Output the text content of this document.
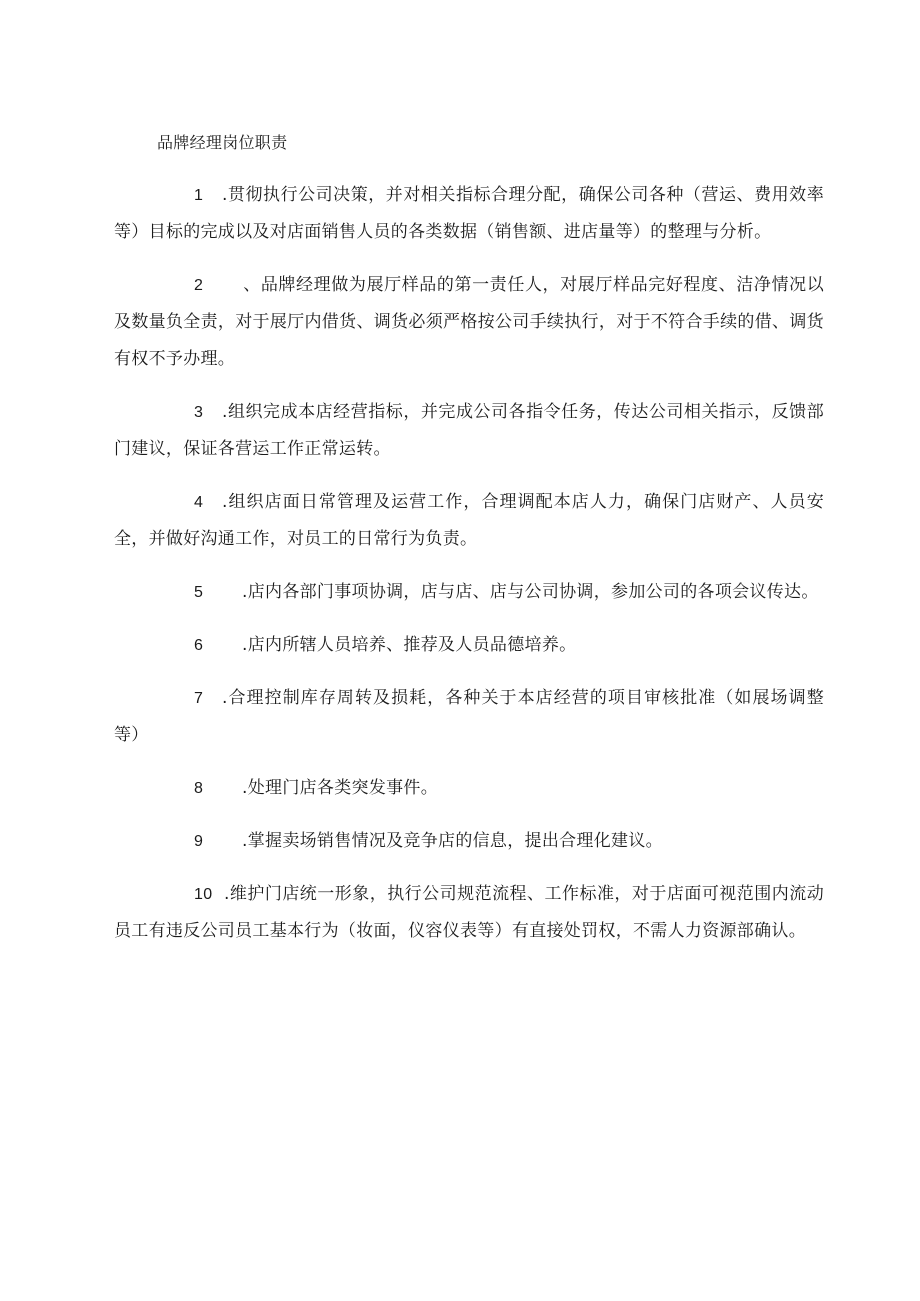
品牌经理岗位职责

1 .贯彻执行公司决策，并对相关指标合理分配，确保公司各种（营运、费用效率等）目标的完成以及对店面销售人员的各类数据（销售额、进店量等）的整理与分析。

2 、品牌经理做为展厅样品的第一责任人，对展厅样品完好程度、洁净情况以及数量负全责，对于展厅内借货、调货必须严格按公司手续执行，对于不符合手续的借、调货有权不予办理。

3 .组织完成本店经营指标，并完成公司各指令任务，传达公司相关指示，反馈部门建议，保证各营运工作正常运转。

4 .组织店面日常管理及运营工作，合理调配本店人力，确保门店财产、人员安全，并做好沟通工作，对员工的日常行为负责。

5 .店内各部门事项协调，店与店、店与公司协调，参加公司的各项会议传达。

6 .店内所辖人员培养、推荐及人员品德培养。

7 .合理控制库存周转及损耗，各种关于本店经营的项目审核批准（如展场调整等）

8 .处理门店各类突发事件。

9 .掌握卖场销售情况及竞争店的信息，提出合理化建议。

10 .维护门店统一形象，执行公司规范流程、工作标准，对于店面可视范围内流动员工有违反公司员工基本行为（妆面，仪容仪表等）有直接处罚权，不需人力资源部确认。
